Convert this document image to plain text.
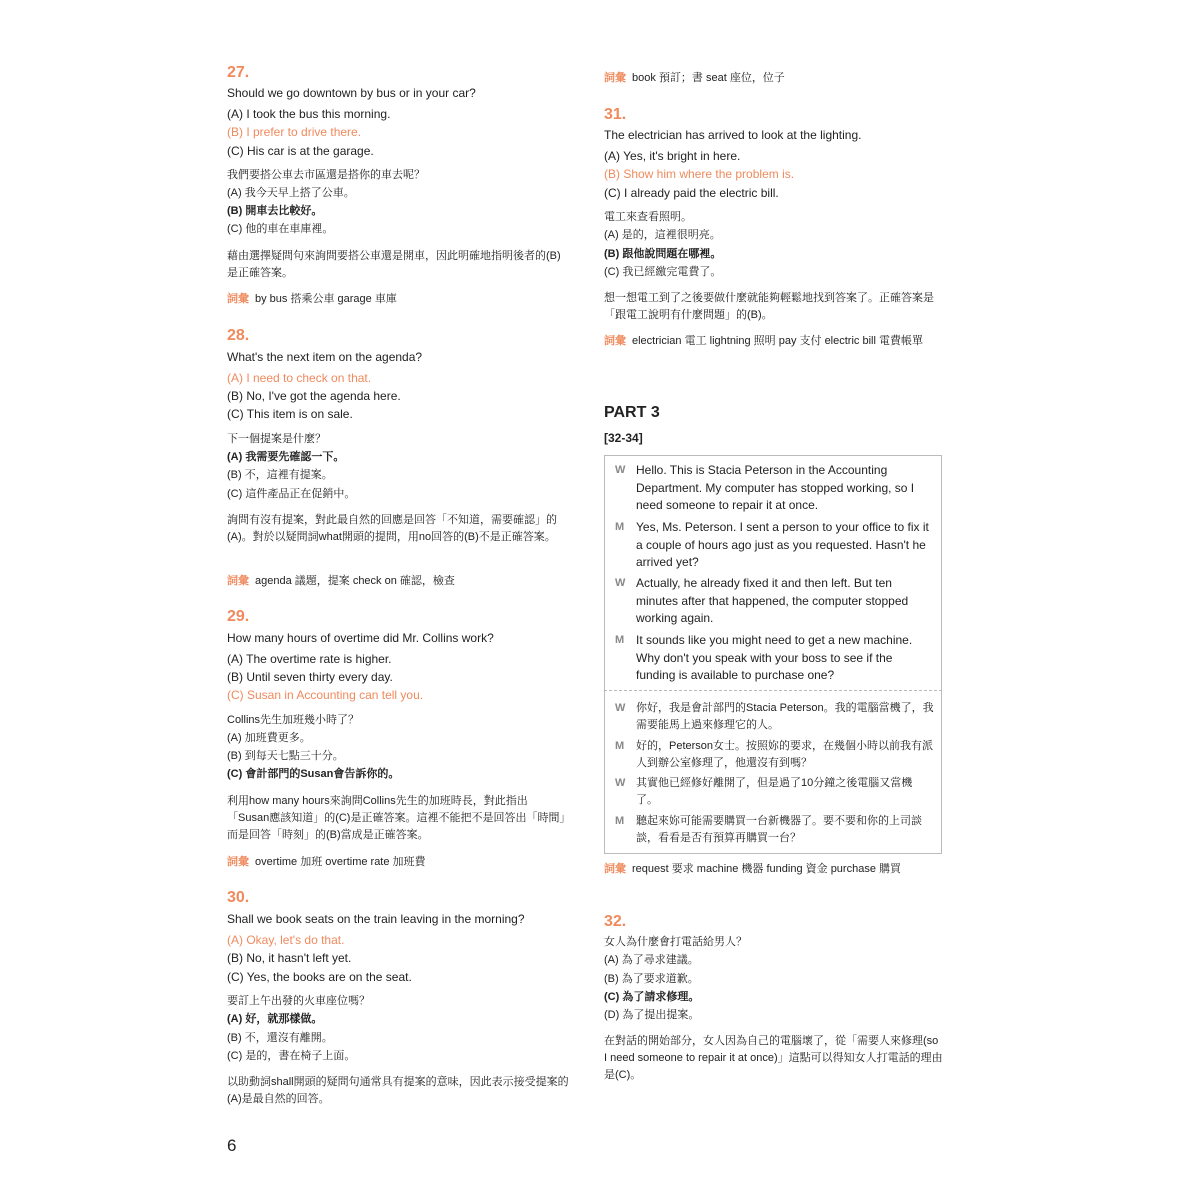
27.
Should we go downtown by bus or in your car?
(A) I took the bus this morning.
(B) I prefer to drive there.
(C) His car is at the garage.
我們要搭公車去市區還是搭你的車去呢？
(A) 我今天早上搭了公車。
(B) 開車去比較好。
(C) 他的車在車庫裡。
藉由選擇疑問句來詢問要搭公車還是開車，因此明確地指明後者的(B)是正確答案。
詞彙 by bus 搭乘公車 garage 車庫
28.
What's the next item on the agenda?
(A) I need to check on that.
(B) No, I've got the agenda here.
(C) This item is on sale.
下一個提案是什麼？
(A) 我需要先確認一下。
(B) 不，這裡有提案。
(C) 這件產品正在促銷中。
詢問有沒有提案，對此最自然的回應是回答「不知道，需要確認」的(A)。對於以疑問詞what開頭的提問，用no回答的(B)不是正確答案。
詞彙 agenda 議題，提案 check on 確認，檢查
29.
How many hours of overtime did Mr. Collins work?
(A) The overtime rate is higher.
(B) Until seven thirty every day.
(C) Susan in Accounting can tell you.
Collins先生加班幾小時了？
(A) 加班費更多。
(B) 到每天七點三十分。
(C) 會計部門的Susan會告訴你的。
利用how many hours來詢問Collins先生的加班時長，對此指出「Susan應該知道」的(C)是正確答案。這裡不能把不是回答出「時間」而是回答「時刻」的(B)當成是正確答案。
詞彙 overtime 加班 overtime rate 加班費
30.
Shall we book seats on the train leaving in the morning?
(A) Okay, let's do that.
(B) No, it hasn't left yet.
(C) Yes, the books are on the seat.
要訂上午出發的火車座位嗎？
(A) 好，就那樣做。
(B) 不，還沒有離開。
(C) 是的，書在椅子上面。
以助動詞shall開頭的疑問句通常具有提案的意味，因此表示接受提案的(A)是最自然的回答。
6
詞彙 book 預訂；書 seat 座位，位子
31.
The electrician has arrived to look at the lighting.
(A) Yes, it's bright in here.
(B) Show him where the problem is.
(C) I already paid the electric bill.
電工來查看照明。
(A) 是的，這裡很明亮。
(B) 跟他說問題在哪裡。
(C) 我已經繳完電費了。
想一想電工到了之後要做什麼就能夠輕鬆地找到答案了。正確答案是「跟電工說明有什麼問題」的(B)。
詞彙 electrician 電工 lightning 照明 pay 支付 electric bill 電費帳單
PART 3
[32-34]
W Hello. This is Stacia Peterson in the Accounting Department. My computer has stopped working, so I need someone to repair it at once.
M Yes, Ms. Peterson. I sent a person to your office to fix it a couple of hours ago just as you requested. Hasn't he arrived yet?
W Actually, he already fixed it and then left. But ten minutes after that happened, the computer stopped working again.
M It sounds like you might need to get a new machine. Why don't you speak with your boss to see if the funding is available to purchase one?
W 你好，我是會計部門的Stacia Peterson。我的電腦當機了，我需要能馬上過來修理它的人。
M 好的，Peterson女士。按照妳的要求，在幾個小時以前我有派人到辦公室修理了，他還沒有到嗎？
W 其實他已經修好離開了，但是過了10分鐘之後電腦又當機了。
M 聽起來妳可能需要購買一台新機器了。要不要和你的上司談談，看看是否有預算再購買一台？
詞彙 request 要求 machine 機器 funding 資金 purchase 購買
32.
女人為什麼會打電話給男人？
(A) 為了尋求建議。
(B) 為了要求道歉。
(C) 為了請求修理。
(D) 為了提出提案。
在對話的開始部分，女人因為自己的電腦壞了，從「需要人來修理(so I need someone to repair it at once)」這點可以得知女人打電話的理由是(C)。
